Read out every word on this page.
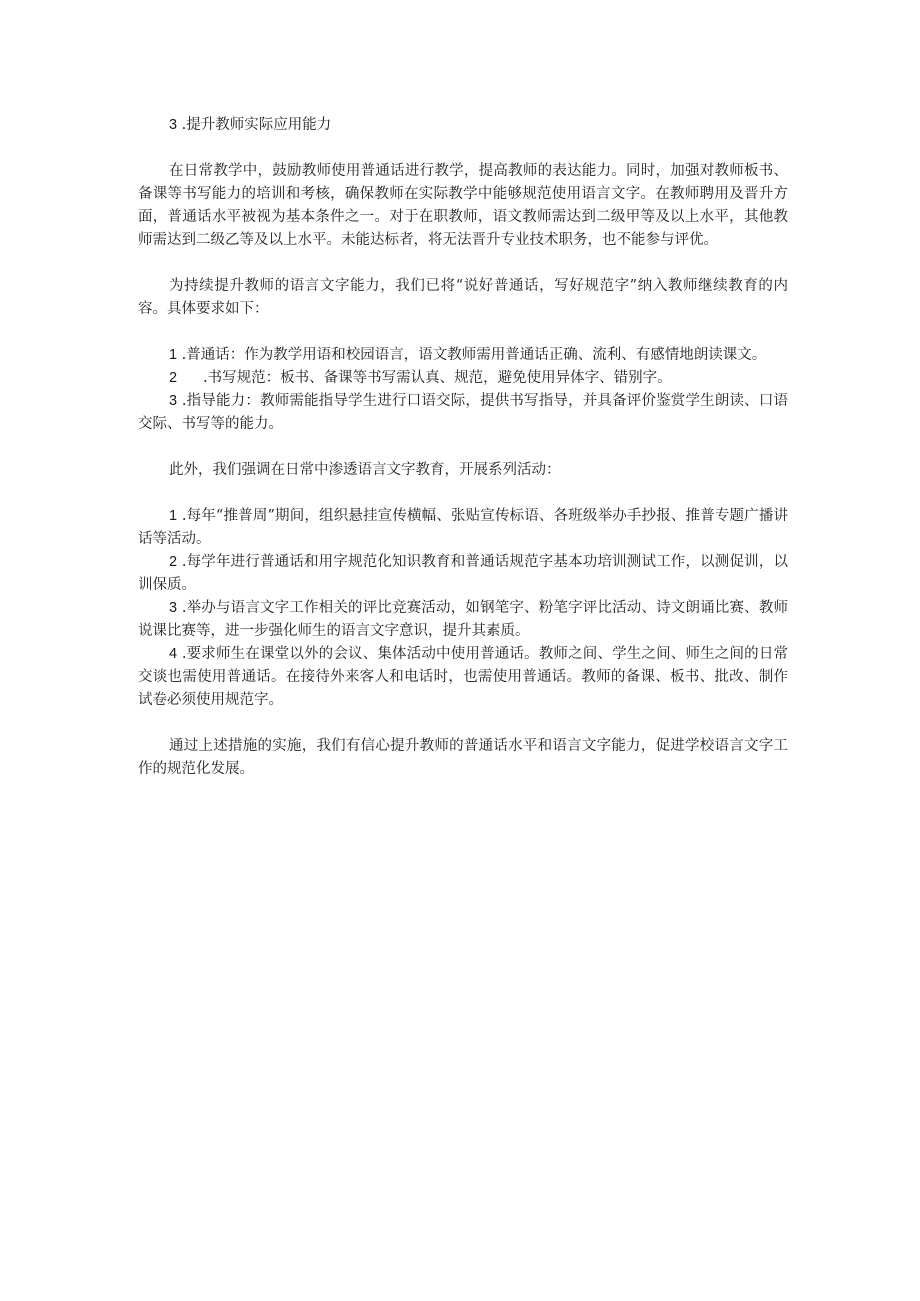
3 .提升教师实际应用能力

在日常教学中，鼓励教师使用普通话进行教学，提高教师的表达能力。同时，加强对教师板书、备课等书写能力的培训和考核，确保教师在实际教学中能够规范使用语言文字。在教师聘用及晋升方面，普通话水平被视为基本条件之一。对于在职教师，语文教师需达到二级甲等及以上水平，其他教师需达到二级乙等及以上水平。未能达标者，将无法晋升专业技术职务，也不能参与评优。

为持续提升教师的语言文字能力，我们已将“说好普通话，写好规范字”纳入教师继续教育的内容。具体要求如下：

1 .普通话：作为教学用语和校园语言，语文教师需用普通话正确、流利、有感情地朗读课文。

2 .书写规范：板书、备课等书写需认真、规范，避免使用异体字、错别字。

3 .指导能力：教师需能指导学生进行口语交际，提供书写指导，并具备评价鉴赏学生朗读、口语交际、书写等的能力。

此外，我们强调在日常中渗透语言文字教育，开展系列活动：

1 .每年“推普周”期间，组织悬挂宣传横幅、张贴宣传标语、各班级举办手抄报、推普专题广播讲话等活动。

2 .每学年进行普通话和用字规范化知识教育和普通话规范字基本功培训测试工作，以测促训，以训保质。

3 .举办与语言文字工作相关的评比竞赛活动，如钢笔字、粉笔字评比活动、诗文朗诵比赛、教师说课比赛等，进一步强化师生的语言文字意识，提升其素质。

4 .要求师生在课堂以外的会议、集体活动中使用普通话。教师之间、学生之间、师生之间的日常交谈也需使用普通话。在接待外来客人和电话时，也需使用普通话。教师的备课、板书、批改、制作试卷必须使用规范字。

通过上述措施的实施，我们有信心提升教师的普通话水平和语言文字能力，促进学校语言文字工作的规范化发展。
